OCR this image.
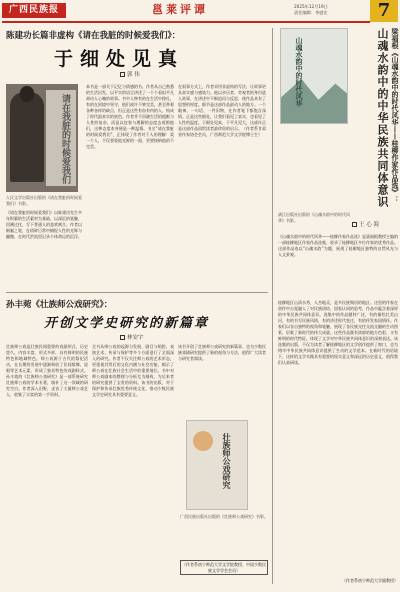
广西民族报	邕莱评谭	2025年12月19日
责任编辑：李盛宏	7
陈建功长篇非虚构《请在我脏的时候爱我们》：
于细处见真
郭 伟
请在我脏的时候爱我们
人民文学出版社出版的《请在我脏的时候爱我们》书影。
《请在我脏的时候爱我们》以陈建功先生多年积累的生活素材为基础，以深沉的笔触，回溯过往，写下普通人的悲欢离合。作者以细腻之笔，在琐碎日常中捕捉人性的光辉与幽微，在时代洪流里记录个体命运的沉浮。
本书是一部关于记忆与情感的书。作者从自己熟悉的生活出发，以平实的语言讲述了一个个看似平凡却动人心魄的故事。书中人物有的在生活中挣扎，有的在困境中坚守，他们或许不够完美，甚至带着各种各样的缺点，但正是这些有血有肉的人，构成了时代最真实的底色。作者并不回避生活的粗粝与人性的复杂，而是以包容与理解的态度去观照他们，这种态度本身便是一种温情。书名“请在我脏的时候爱我们”，正体现了作者对于人的理解：爱一个人，不仅要爱他光鲜的一面，更要接纳他的不完美。
在叙事方式上，作者采用非虚构的写法，让故事更具真实感与感染力。他以亲历者、旁观者的身份进入故事，在讲述中不断追问与反思，使作品具有了思想的厚度。细节是这部作品最动人的地方。一个眼神、一句话、一件旧物，在作者笔下都饱含深情。正是这些细处，让我们看见了真实，也看见了人性的温度。于细处见真，于平凡见大，这或许正是这部作品留给读者最珍贵的启示。（作者系甘肃省作家协会会员，广西师范大学文学院博士生）
孙丰菀《壮族师公戏研究》：
开创文学史研究的新篇章
林安宇
壮族师公戏是壮族民间重要的戏剧形式，历史悠久，内容丰富，形式多样，具有鲜明的民族特色和地域特色。师公戏源于古代的祭祀活动，在长期的发展中逐渐吸收了民间歌舞、说唱等艺术元素，形成了独具特色的戏剧样式。孙丰菀的《壮族师公戏研究》是一部系统研究壮族师公戏的学术专著，填补了这一领域的研究空白。作者深入田野，走访了大量师公戏艺人，收集了丰富的第一手资料。
全书从师公戏的起源与发展、剧目与唱腔、表演艺术、传承与保护等多个方面进行了全面深入的研究。作者不仅关注师公戏的艺术形态，更重视其背后的文化内涵与社会功能，揭示了师公戏在壮族社会生活中的重要地位。书中对师公戏剧本的整理与分析尤为细致，为后来者的研究提供了宝贵的资料。该书的出版，对于保护和传承壮族优秀传统文化，推动少数民族文学史研究具有重要意义。
该书开创了壮族师公戏研究的新篇章，也为少数民族戏剧研究提供了新的视角与方法，值得广大读者与研究者阅读。
壮族师公戏研究
广西民族出版社出版的《壮族师公戏研究》书影。
（作者系南宁师范大学文学院教授、中国少数民族文学学会会员）
梁福根《山魂水韵中的时代风华——桂柳作家作品选》：
山魂水韵中的中华民族共同体意识
王 心 海
山魂水韵中的时代风华
漓江出版社出版的《山魂水韵中的时代风华》书影。
《山魂水韵中的时代风华——桂柳作家作品选》是梁福根教授主编的一部桂柳地区作家作品选集，收录了桂柳地区多位作家的优秀作品。这部作品选以“山魂水韵”为题，展现了桂柳地区独特的自然风光与人文景观。
桂柳地区山清水秀，人杰地灵，是多民族聚居的地区。这里的作家在创作中自觉融入了对民族团结、国家认同的思考，作品中蕴含着深厚的中华民族共同体意识。选集中的作品题材广泛，有的描绘壮美山河，有的书写民族风情，有的讲述时代变迁，有的抒发家国情怀。作家们以各自独特的视角和笔触，展现了各民族交往交流交融的生动图景，讴歌了新时代的伟大成就。这些作品既有浓郁的地方色彩，又有鲜明的时代特征，体现了文学对中华民族共同体意识的深刻表达。该选集的出版，不仅为读者了解桂柳地区的文学创作提供了窗口，也为铸牢中华民族共同体意识提供了生动的文学范本。在新时代的语境下，这样的文学实践具有重要的现实意义和深远的历史意义，值得我们认真研读。
（作者系南宁师范大学副教授）
